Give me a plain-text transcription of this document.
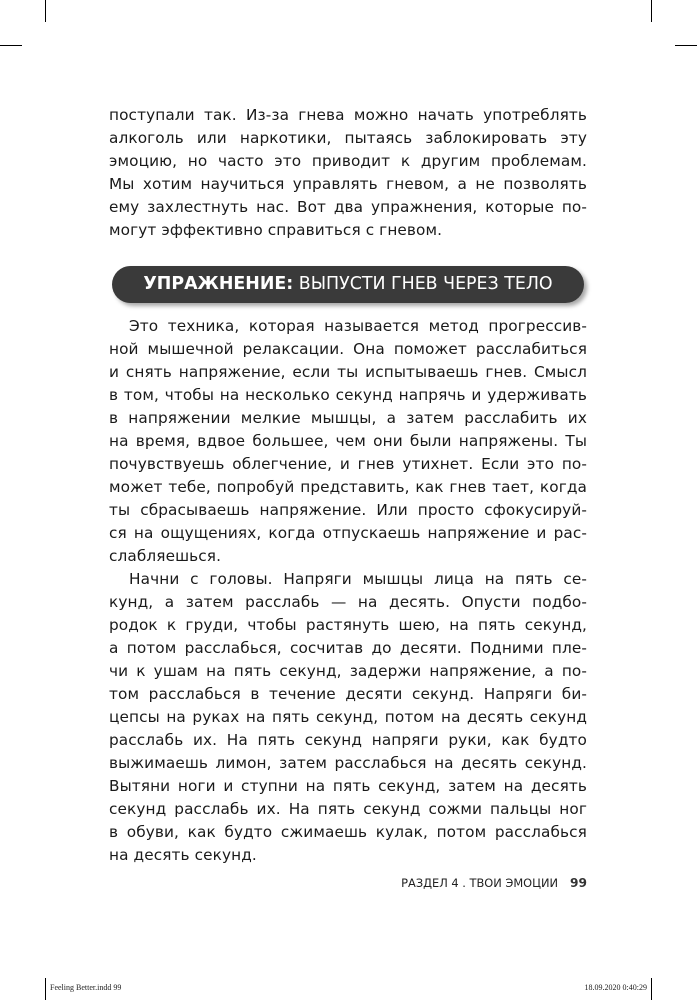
поступали так. Из-за гнева можно начать употреблять
алкоголь или наркотики, пытаясь заблокировать эту
эмоцию, но часто это приводит к другим проблемам.
Мы хотим научиться управлять гневом, а не позволять
ему захлестнуть нас. Вот два упражнения, которые по-
могут эффективно справиться с гневом.
УПРАЖНЕНИЕ: ВЫПУСТИ ГНЕВ ЧЕРЕЗ ТЕЛО
Это техника, которая называется метод прогрессив-
ной мышечной релаксации. Она поможет расслабиться
и снять напряжение, если ты испытываешь гнев. Смысл
в том, чтобы на несколько секунд напрячь и удерживать
в напряжении мелкие мышцы, а затем расслабить их
на время, вдвое большее, чем они были напряжены. Ты
почувствуешь облегчение, и гнев утихнет. Если это по-
может тебе, попробуй представить, как гнев тает, когда
ты сбрасываешь напряжение. Или просто сфокусируй-
ся на ощущениях, когда отпускаешь напряжение и рас-
слабляешься.
Начни с головы. Напряги мышцы лица на пять се-
кунд, а затем расслабь — на десять. Опусти подбо-
родок к груди, чтобы растянуть шею, на пять секунд,
а потом расслабься, сосчитав до десяти. Подними пле-
чи к ушам на пять секунд, задержи напряжение, а по-
том расслабься в течение десяти секунд. Напряги би-
цепсы на руках на пять секунд, потом на десять секунд
расслабь их. На пять секунд напряги руки, как будто
выжимаешь лимон, затем расслабься на десять секунд.
Вытяни ноги и ступни на пять секунд, затем на десять
секунд расслабь их. На пять секунд сожми пальцы ног
в обуви, как будто сжимаешь кулак, потом расслабься
на десять секунд.
РАЗДЕЛ 4 . ТВОИ ЭМОЦИИ 99
Feeling Better.indd 99	18.09.2020 0:40:29
